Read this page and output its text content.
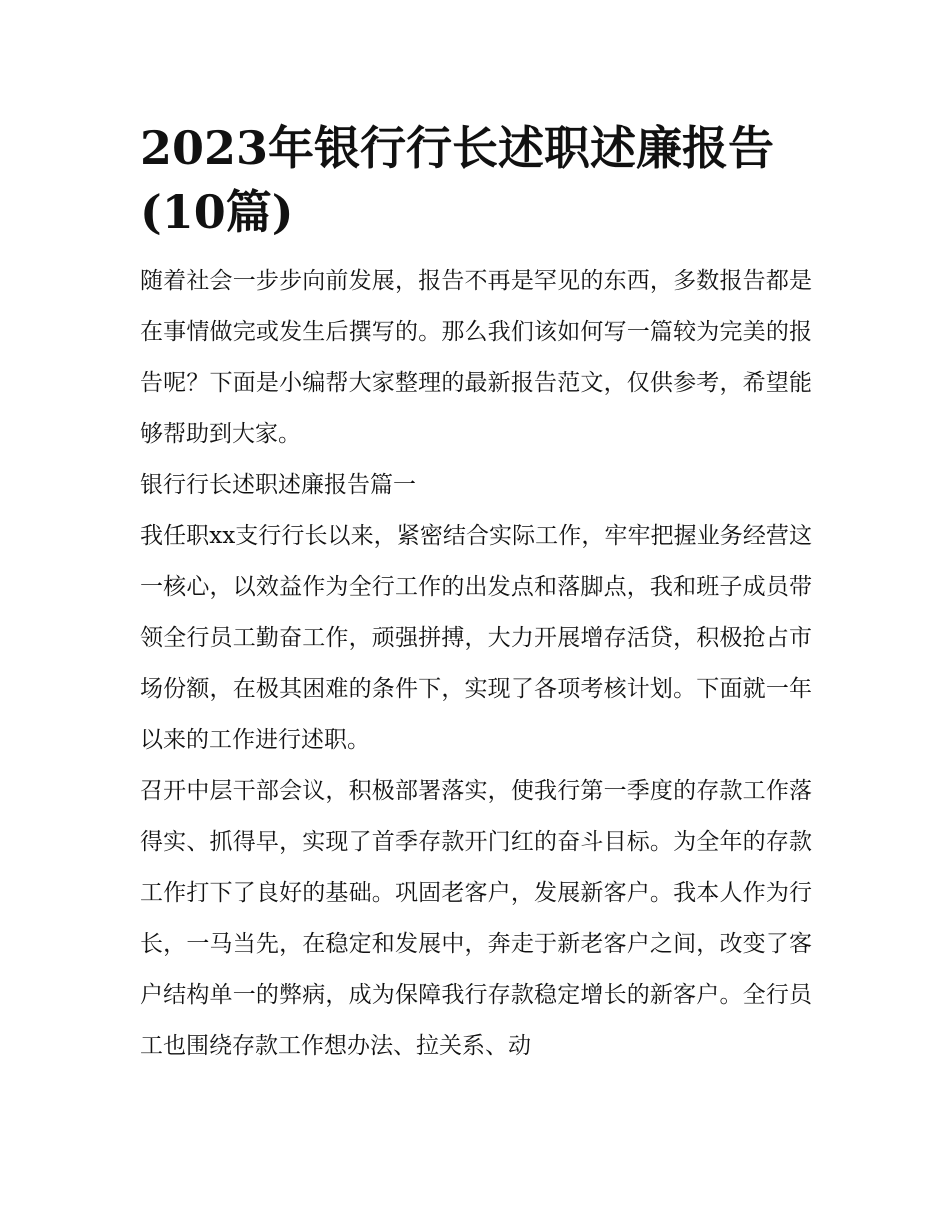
2023年银行行长述职述廉报告(10篇)

随着社会一步步向前发展，报告不再是罕见的东西，多数报告都是在事情做完或发生后撰写的。那么我们该如何写一篇较为完美的报告呢？下面是小编帮大家整理的最新报告范文，仅供参考，希望能够帮助到大家。

银行行长述职述廉报告篇一

我任职xx支行行长以来，紧密结合实际工作，牢牢把握业务经营这一核心，以效益作为全行工作的出发点和落脚点，我和班子成员带领全行员工勤奋工作，顽强拼搏，大力开展增存活贷，积极抢占市场份额，在极其困难的条件下，实现了各项考核计划。下面就一年以来的工作进行述职。

召开中层干部会议，积极部署落实，使我行第一季度的存款工作落得实、抓得早，实现了首季存款开门红的奋斗目标。为全年的存款工作打下了良好的基础。巩固老客户，发展新客户。我本人作为行长，一马当先，在稳定和发展中，奔走于新老客户之间，改变了客户结构单一的弊病，成为保障我行存款稳定增长的新客户。全行员工也围绕存款工作想办法、拉关系、动
